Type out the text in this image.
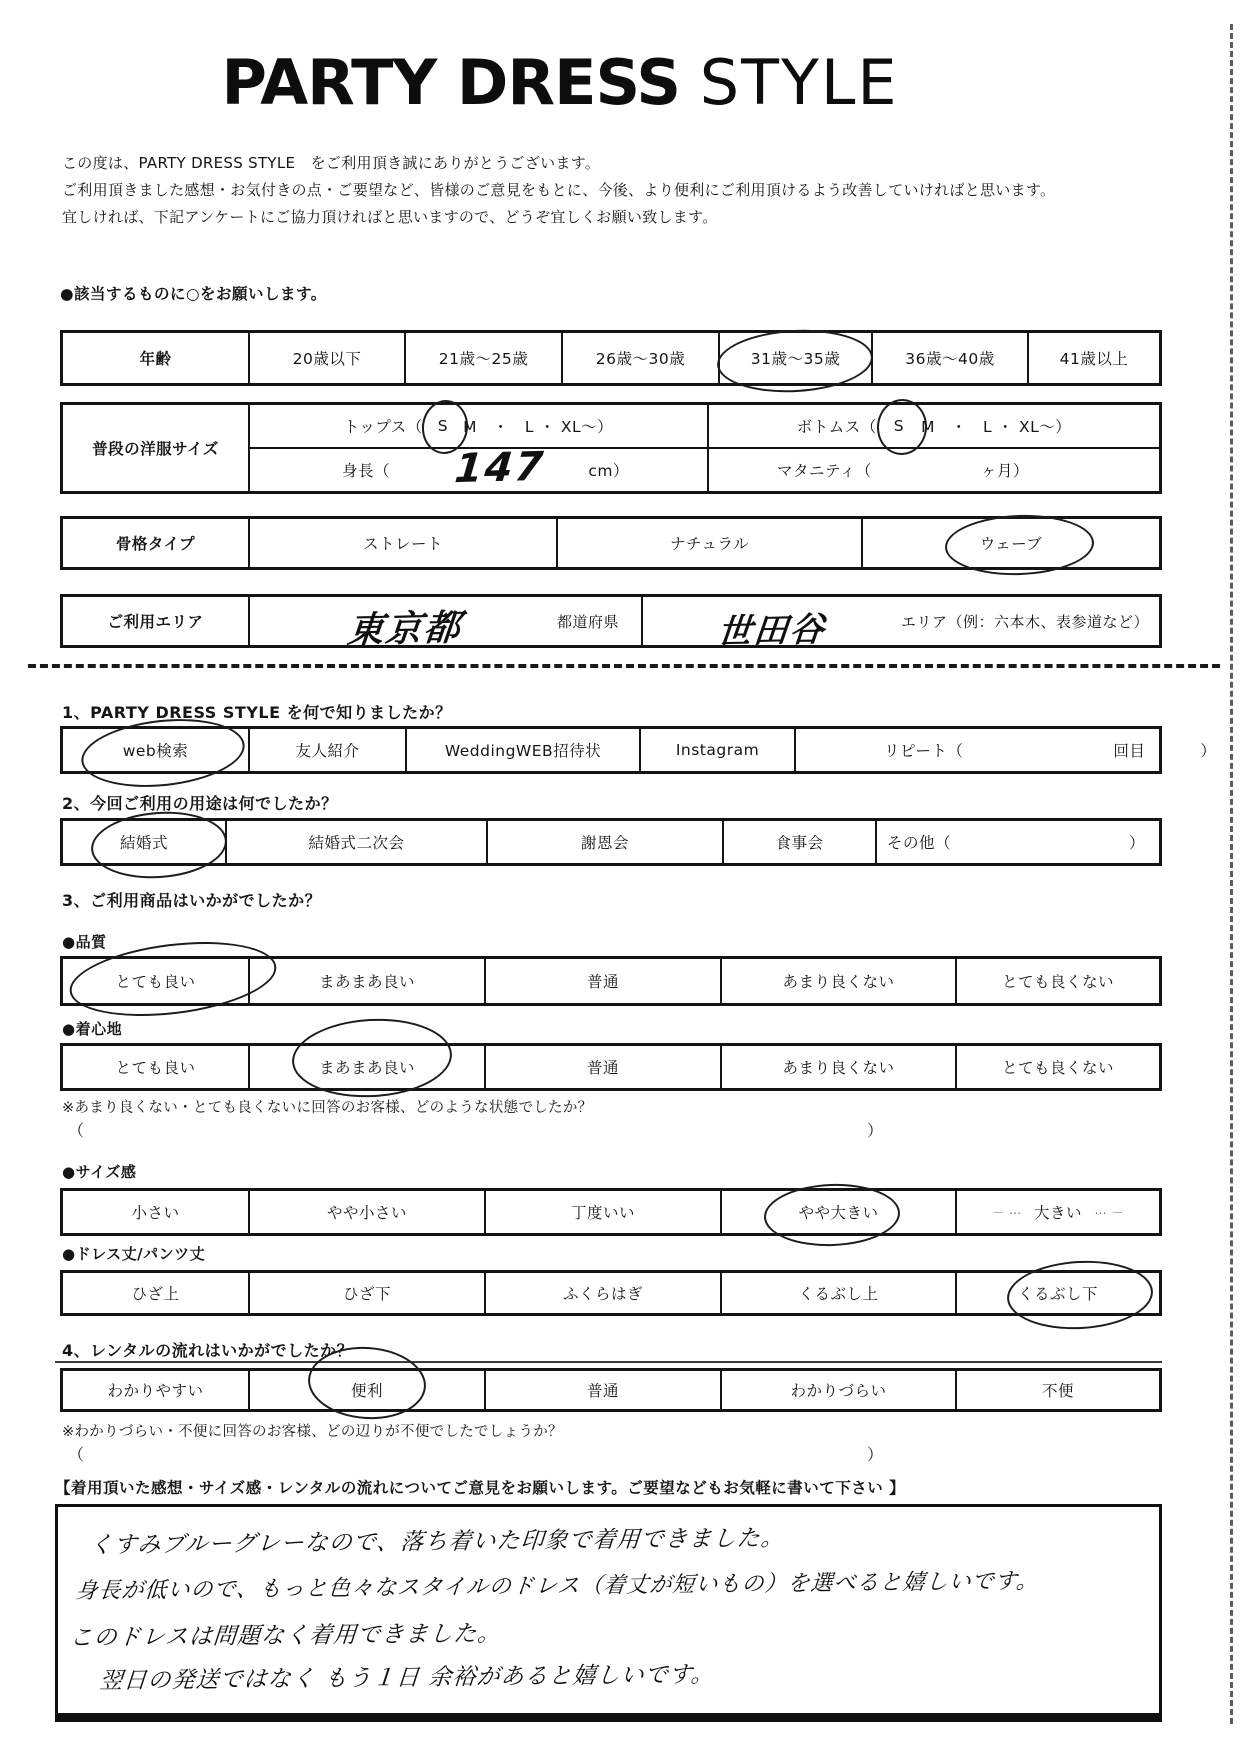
PARTY DRESS STYLE
この度は、PARTY DRESS STYLE　をご利用頂き誠にありがとうございます。
ご利用頂きました感想・お気付きの点・ご要望など、皆様のご意見をもとに、今後、より便利にご利用頂けるよう改善していければと思います。
宜しければ、下記アンケートにご協力頂ければと思いますので、どうぞ宜しくお願い致します。
●該当するものに○をお願いします。
年齢	20歳以下	21歳～25歳	26歳～30歳	31歳～35歳	36歳～40歳	41歳以上
普段の洋服サイズ
トップス（ S M　・　L ・ XL～）	ボトムス（	S	M　・　L ・ XL～）
身長（ 147	cm）	マタニティ（	ヶ月）
骨格タイプ	ストレート	ナチュラル	ウェーブ
ご利用エリア	東京都	都道府県	世田谷	エリア（例：六本木、表参道など）
1、PARTY DRESS STYLE を何で知りましたか？
web検索	友人紹介	WeddingWEB招待状	Instagram	リピート（	回目	）
2、今回ご利用の用途は何でしたか？
結婚式	結婚式二次会	謝恩会	食事会	その他（	）
3、ご利用商品はいかがでしたか？
●品質
とても良い	まあまあ良い	普通	あまり良くない	とても良くない
●着心地
とても良い	まあまあ良い	普通	あまり良くない	とても良くない
※あまり良くない・とても良くないに回答のお客様、どのような状態でしたか？
（	）
●サイズ感
小さい	やや小さい	丁度いい	やや大きい	－ ⋯　大きい
　⋯ －
●ドレス丈/パンツ丈
ひざ上	ひざ下	ふくらはぎ	くるぶし上	くるぶし下
4、レンタルの流れはいかがでしたか？
わかりやすい	便利	普通	わかりづらい	不便
※わかりづらい・不便に回答のお客様、どの辺りが不便でしたでしょうか？
（	）
【着用頂いた感想・サイズ感・レンタルの流れについてご意見をお願いします。ご要望などもお気軽に書いて下さい 】
くすみブルーグレーなので、落ち着いた印象で着用できました。
身長が低いので、もっと色々なスタイルのドレス（着丈が短いもの）を選べると嬉しいです。
このドレスは問題なく着用できました。
翌日の発送ではなく もう１日 余裕があると嬉しいです。
